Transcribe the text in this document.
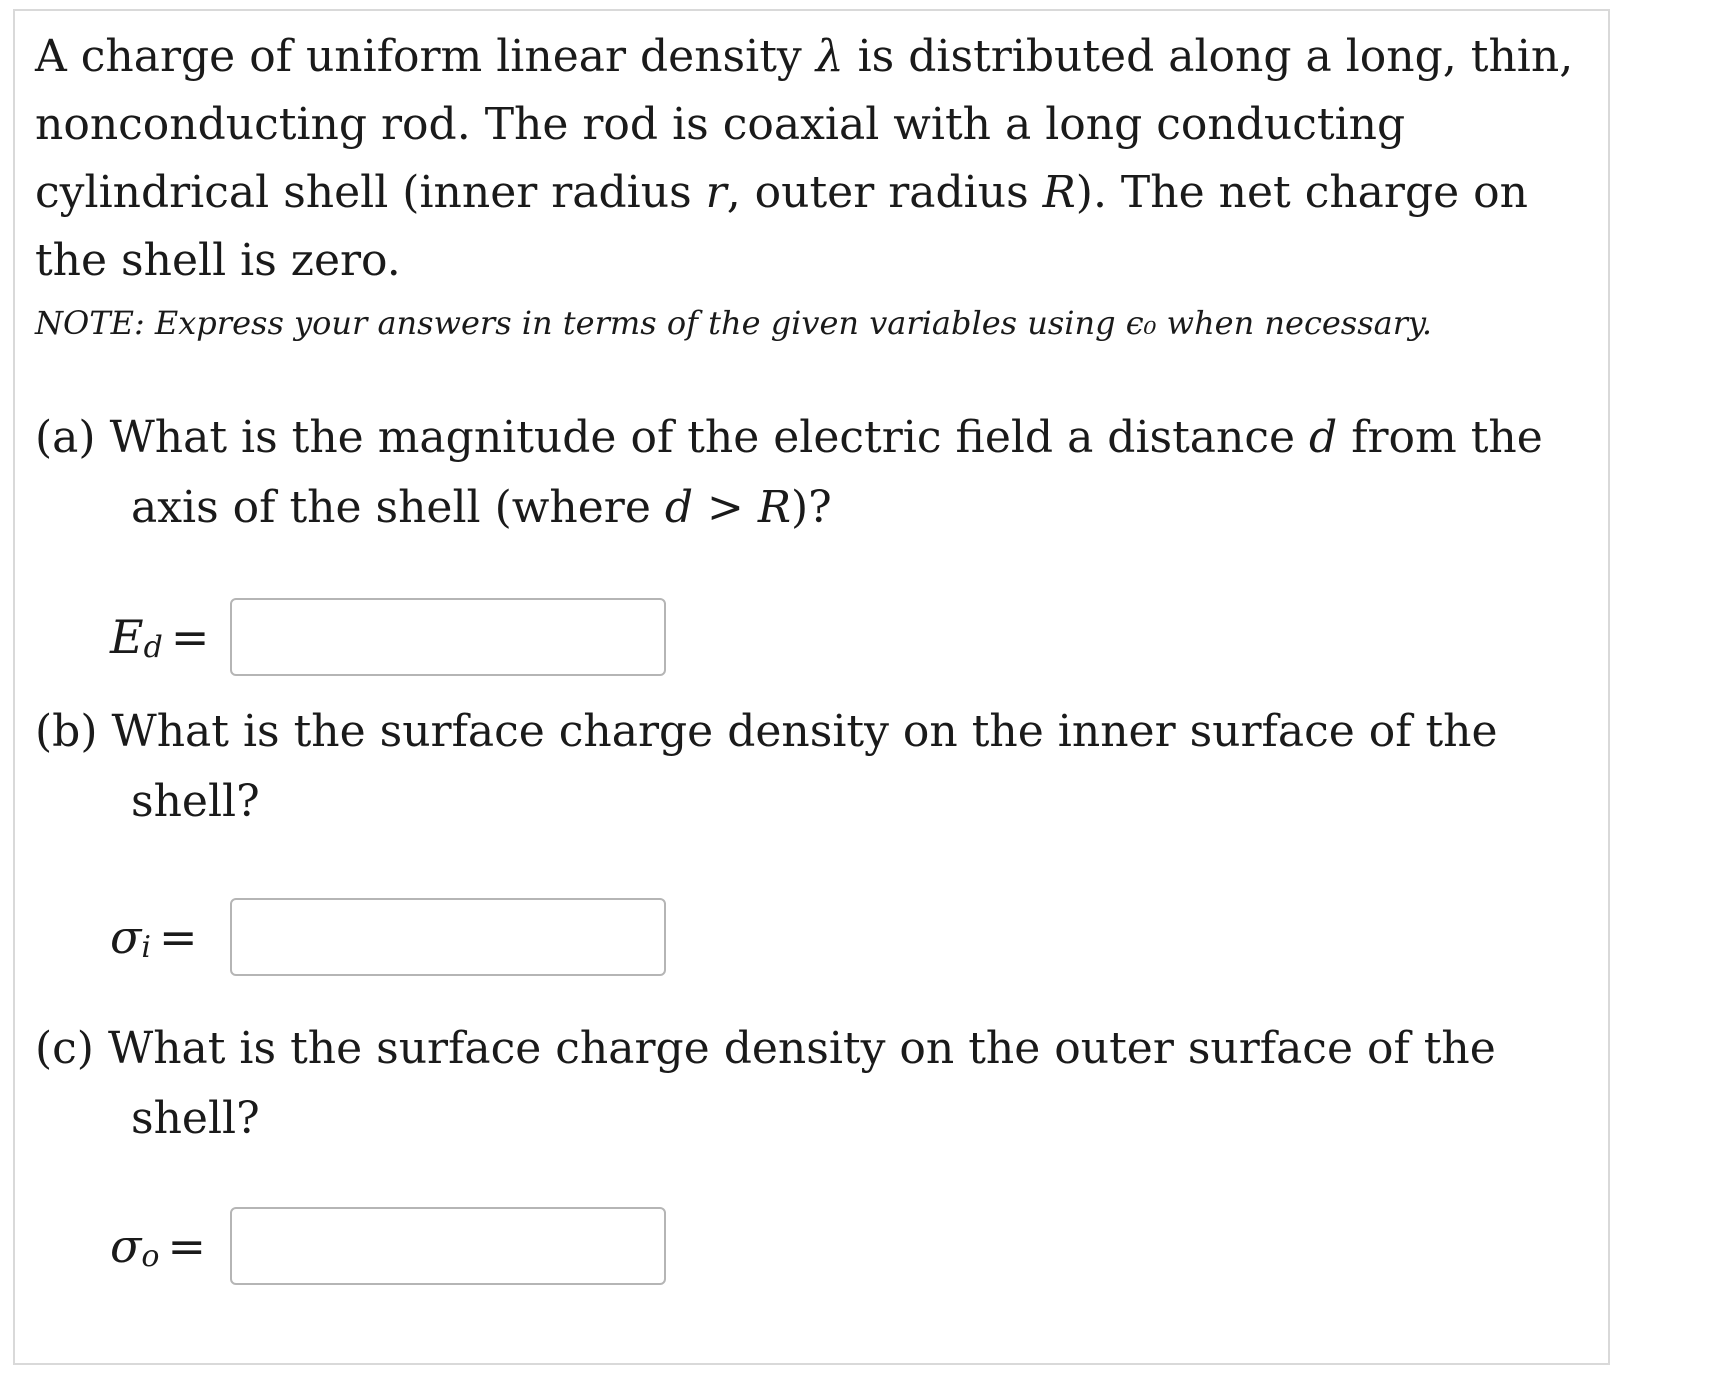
A charge of uniform linear density λ is distributed along a long, thin, nonconducting rod. The rod is coaxial with a long conducting cylindrical shell (inner radius r, outer radius R). The net charge on the shell is zero.
NOTE: Express your answers in terms of the given variables using ϵ₀ when necessary.
(a) What is the magnitude of the electric field a distance d from the
axis of the shell (where d > R)?
$E_d$ =
(b) What is the surface charge density on the inner surface of the
shell?
$\sigma_i$ =
(c) What is the surface charge density on the outer surface of the
shell?
$\sigma_o$ =
